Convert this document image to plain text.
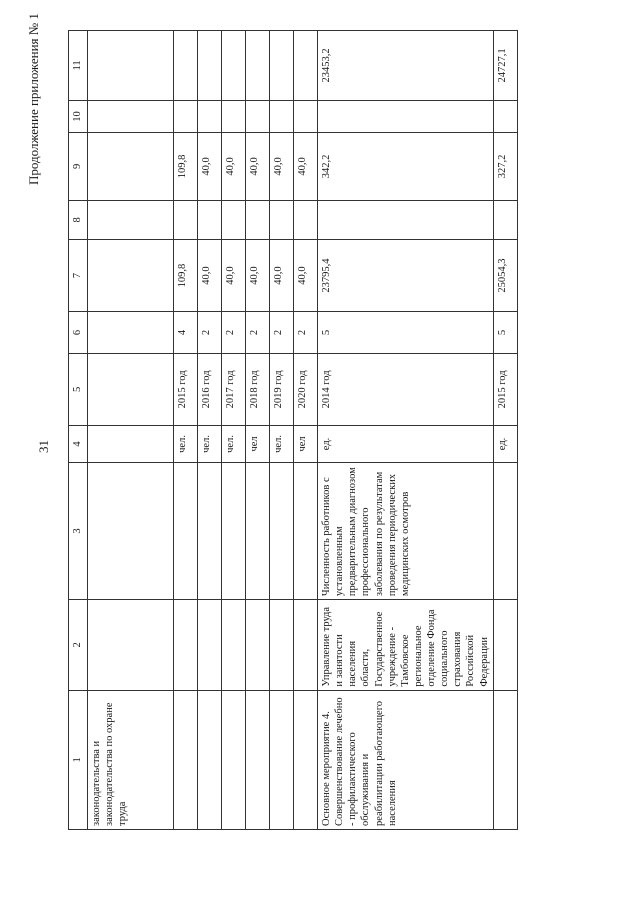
31
Продолжение приложения № 1
1	2	3	4	5	6	7	8	9	10	11
законодательства и законодательства по охране труда										
			чел.	2015 год	4	109,8		109,8		
			чел.	2016 год	2	40,0		40,0		
			чел.	2017 год	2	40,0		40,0		
			чел	2018 год	2	40,0		40,0		
			чел.	2019 год	2	40,0		40,0		
			чел	2020 год	2	40,0		40,0		
Основное мероприятие 4. Совершенствование лечебно - профилактического обслуживания и реабилитации работающего населения	Управление труда и занятости населения области, Государственное учреждение - Тамбовское региональное отделение Фонда социального страхования Российской Федерации	Численность работников с установленным предварительным диагнозом профессионального заболевания по результатам проведения периодических медицинских осмотров	ед.	2014 год	5	23795,4		342,2		23453,2
			ед.	2015 год	5	25054,3		327,2		24727,1
